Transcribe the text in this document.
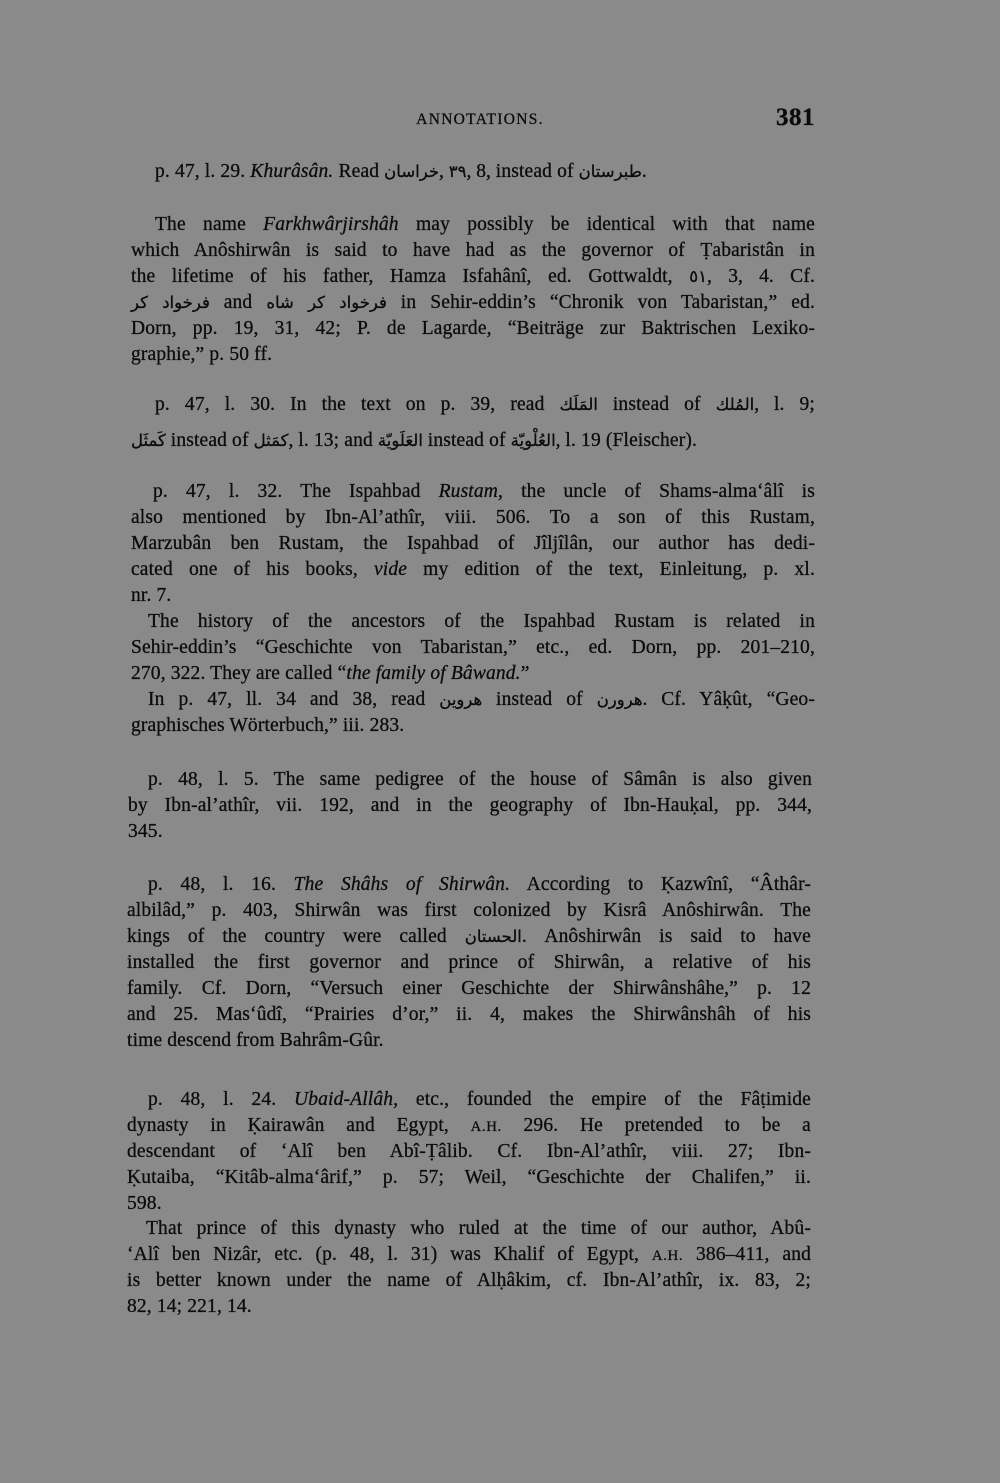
ANNOTATIONS.	381
p. 47, l. 29. Khurâsân. Read خراسان, ٣٩, 8, instead of طبرستان.
The name Farkhwârjirshâh may possibly be identical with that name
which Anôshirwân is said to have had as the governor of Ṭabaristân in
the lifetime of his father, Hamza Isfahânî, ed. Gottwaldt, ٥١, 3, 4. Cf.
فرخواد كر and فرخواد كر شاه in Sehir-eddin’s “Chronik von Tabaristan,” ed.
Dorn, pp. 19, 31, 42; P. de Lagarde, “Beiträge zur Baktrischen Lexiko-
graphie,” p. 50 ff.
p. 47, l. 30. In the text on p. 39, read المَلَك instead of المُلك, l. 9;
كَمثَل instead of كمَثل, l. 13; and العَلَويّة instead of العُلْويّة, l. 19 (Fleischer).
p. 47, l. 32. The Ispahbad Rustam, the uncle of Shams-alma‘âlî is
also mentioned by Ibn-Al’athîr, viii. 506. To a son of this Rustam,
Marzubân ben Rustam, the Ispahbad of Jîljîlân, our author has dedi-
cated one of his books, vide my edition of the text, Einleitung, p. xl.
nr. 7.
The history of the ancestors of the Ispahbad Rustam is related in
Sehir-eddin’s “Geschichte von Tabaristan,” etc., ed. Dorn, pp. 201–210,
270, 322. They are called “the family of Bâwand.”
In p. 47, ll. 34 and 38, read هروين instead of هرورن. Cf. Yâḳût, “Geo-
graphisches Wörterbuch,” iii. 283.
p. 48, l. 5. The same pedigree of the house of Sâmân is also given
by Ibn-al’athîr, vii. 192, and in the geography of Ibn-Hauḳal, pp. 344,
345.
p. 48, l. 16. The Shâhs of Shirwân. According to Ḳazwînî, “Âthâr-
albilâd,” p. 403, Shirwân was first colonized by Kisrâ Anôshirwân. The
kings of the country were called الحستان. Anôshirwân is said to have
installed the first governor and prince of Shirwân, a relative of his
family. Cf. Dorn, “Versuch einer Geschichte der Shirwânshâhe,” p. 12
and 25. Mas‘ûdî, “Prairies d’or,” ii. 4, makes the Shirwânshâh of his
time descend from Bahrâm-Gûr.
p. 48, l. 24. Ubaid-Allâh, etc., founded the empire of the Fâṭimide
dynasty in Ḳairawân and Egypt, A.H. 296. He pretended to be a
descendant of ‘Alî ben Abî-Ṭâlib. Cf. Ibn-Al’athîr, viii. 27; Ibn-
Ḳutaiba, “Kitâb-alma‘ârif,” p. 57; Weil, “Geschichte der Chalifen,” ii.
598.
That prince of this dynasty who ruled at the time of our author, Abû-
‘Alî ben Nizâr, etc. (p. 48, l. 31) was Khalif of Egypt, A.H. 386–411, and
is better known under the name of Alḥâkim, cf. Ibn-Al’athîr, ix. 83, 2;
82, 14; 221, 14.
